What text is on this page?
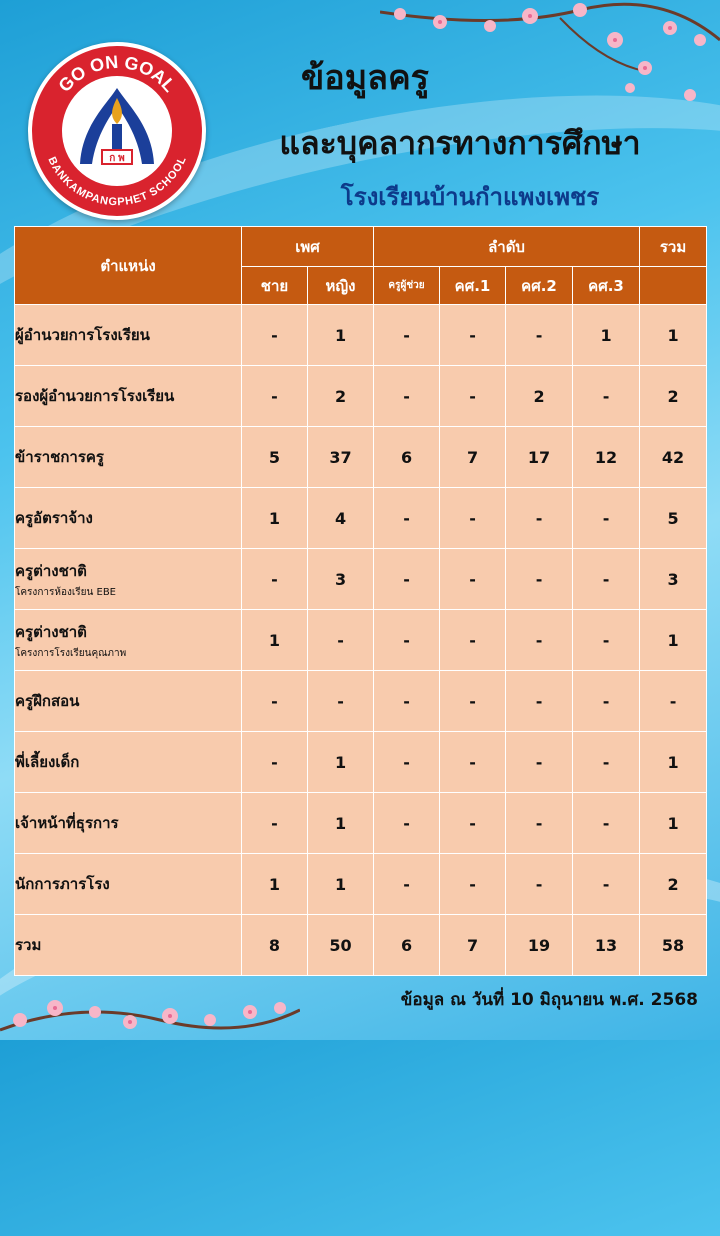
GO ON GOAL
BANKAMPANGPHET SCHOOL
ก พ
ข้อมูลครู
และบุคลากรทางการศึกษา
โรงเรียนบ้านกำแพงเพชร
ตำแหน่ง	เพศ		ลำดับ				รวม
	ชาย	หญิง	ครูผู้ช่วย	คศ.1	คศ.2	คศ.3	
ผู้อำนวยการโรงเรียน	-	1	-	-	-	1	1
รองผู้อำนวยการโรงเรียน	-	2	-	-	2	-	2
ข้าราชการครู	5	37	6	7	17	12	42
ครูอัตราจ้าง	1	4	-	-	-	-	5
ครูต่างชาติ
โครงการห้องเรียน EBE	-	3	-	-	-	-	3
ครูต่างชาติ
โครงการโรงเรียนคุณภาพ	1	-	-	-	-	-	1
ครูฝึกสอน	-	-	-	-	-	-	-
พี่เลี้ยงเด็ก	-	1	-	-	-	-	1
เจ้าหน้าที่ธุรการ	-	1	-	-	-	-	1
นักการภารโรง	1	1	-	-	-	-	2
รวม	8	50	6	7	19	13	58
ข้อมูล ณ วันที่ 10 มิถุนายน พ.ศ. 2568
